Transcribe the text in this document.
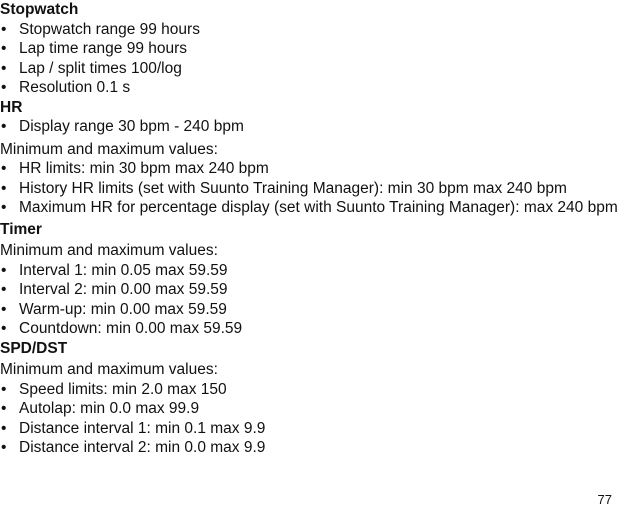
Stopwatch

• Stopwatch range 99 hours
• Lap time range 99 hours
• Lap / split times 100/log
• Resolution 0.1 s

HR

• Display range 30 bpm - 240 bpm

Minimum and maximum values:

• HR limits: min 30 bpm max 240 bpm
• History HR limits (set with Suunto Training Manager): min 30 bpm max 240 bpm
• Maximum HR for percentage display (set with Suunto Training Manager): max 240 bpm

Timer

Minimum and maximum values:

• Interval 1: min 0.05 max 59.59
• Interval 2: min 0.00 max 59.59
• Warm-up: min 0.00 max 59.59
• Countdown: min 0.00 max 59.59

SPD/DST

Minimum and maximum values:

• Speed limits: min 2.0 max 150
• Autolap: min 0.0 max 99.9
• Distance interval 1: min 0.1 max 9.9
• Distance interval 2: min 0.0 max 9.9
77
